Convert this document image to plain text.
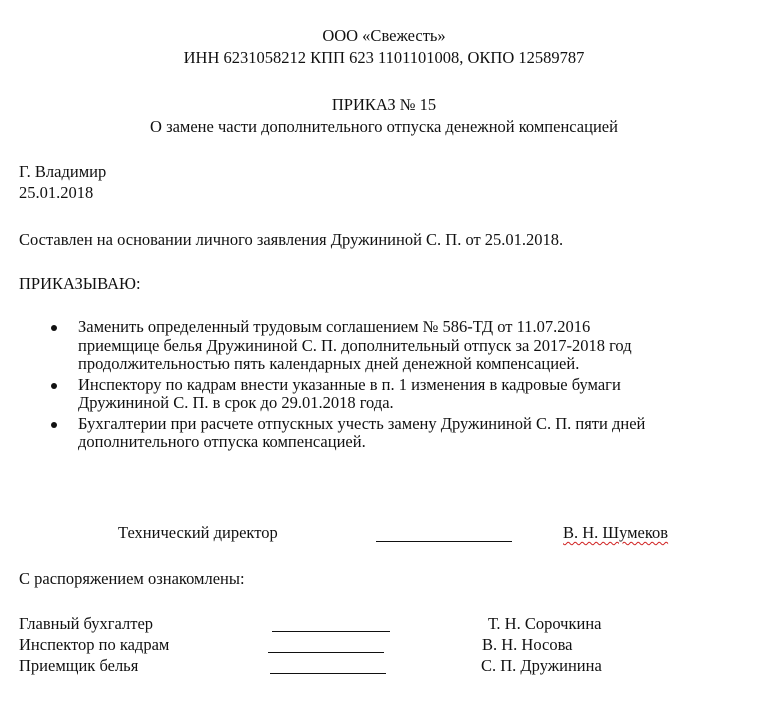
ООО «Свежесть»
ИНН 6231058212 КПП 623 1101101008, ОКПО 12589787
ПРИКАЗ № 15
О замене части дополнительного отпуска денежной компенсацией
Г. Владимир
25.01.2018
Составлен на основании личного заявления Дружининой С. П. от 25.01.2018.
ПРИКАЗЫВАЮ:
Заменить определенный трудовым соглашением № 586-ТД от 11.07.2016
приемщице белья Дружининой С. П. дополнительный отпуск за 2017-2018 год
продолжительностью пять календарных дней денежной компенсацией.
Инспектору по кадрам внести указанные в п. 1 изменения в кадровые бумаги
Дружининой С. П. в срок до 29.01.2018 года.
Бухгалтерии при расчете отпускных учесть замену Дружининой С. П. пяти дней
дополнительного отпуска компенсацией.
Технический директор	В. Н. Шумеков
С распоряжением ознакомлены:
Главный бухгалтер	Т. Н. Сорочкина
Инспектор по кадрам	В. Н. Носова
Приемщик белья	С. П. Дружинина
